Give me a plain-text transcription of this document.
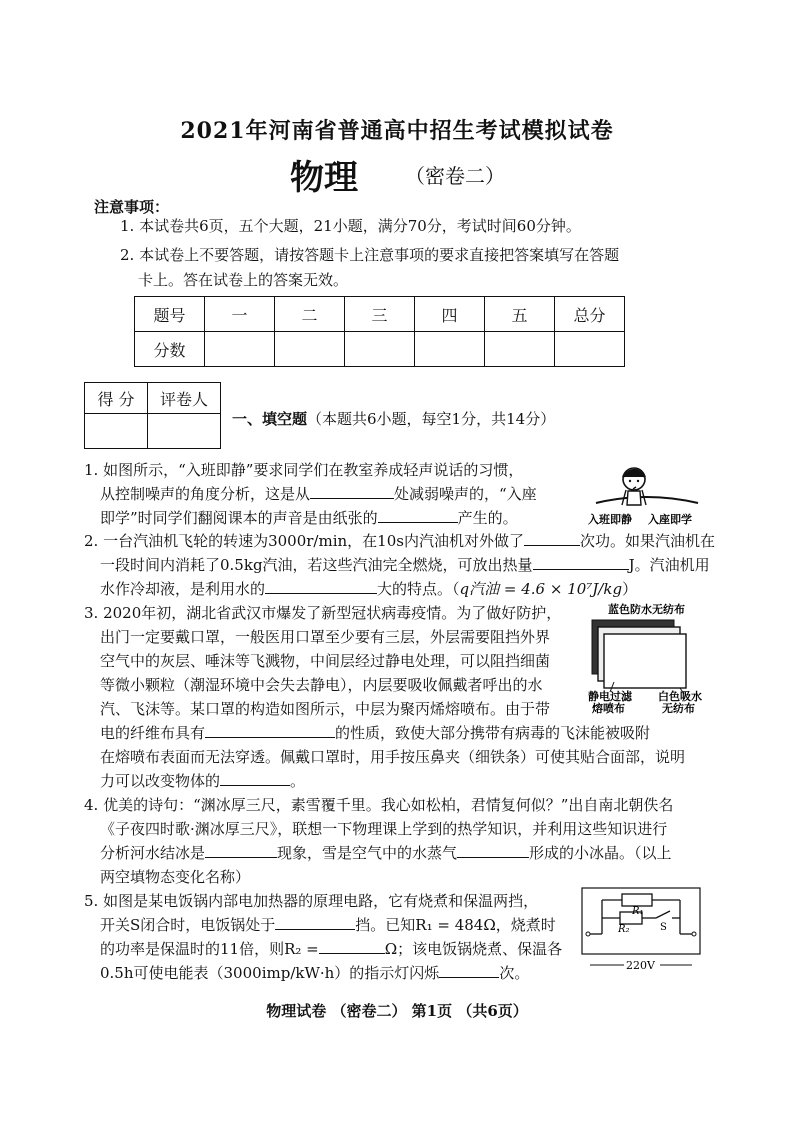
2021年河南省普通高中招生考试模拟试卷
物理 （密卷二）
注意事项：
1. 本试卷共6页，五个大题，21小题，满分70分，考试时间60分钟。
2. 本试卷上不要答题，请按答题卡上注意事项的要求直接把答案填写在答题
卡上。答在试卷上的答案无效。
题号	一	二	三	四	五	总分
分数						
得 分	评卷人

一、填空题（本题共6小题，每空1分，共14分）
1. 如图所示，“入班即静”要求同学们在教室养成轻声说话的习惯，
从控制噪声的角度分析，这是从	处减弱噪声的，“入座
即学”时同学们翻阅课本的声音是由纸张的	产生的。	入班即静 入座即学
2. 一台汽油机飞轮的转速为3000r/min，在10s内汽油机对外做了	次功。如果汽油机在
一段时间内消耗了0.5kg汽油，若这些汽油完全燃烧，可放出热量	J。汽油机用
水作冷却液，是利用水的	大的特点。（q汽油 = 4.6 × 10⁷J/kg）
3. 2020年初，湖北省武汉市爆发了新型冠状病毒疫情。为了做好防护，
出门一定要戴口罩，一般医用口罩至少要有三层，外层需要阻挡外界
空气中的灰层、唾沫等飞溅物，中间层经过静电处理，可以阻挡细菌
等微小颗粒（潮湿环境中会失去静电），内层要吸收佩戴者呼出的水
汽、飞沫等。某口罩的构造如图所示，中层为聚丙烯熔喷布。由于带
电的纤维布具有	的性质，致使大部分携带有病毒的飞沫能被吸附
在熔喷布表面而无法穿透。佩戴口罩时，用手按压鼻夹（细铁条）可使其贴合面部，说明
力可以改变物体的	。
蓝色防水无纺布
静电过滤
熔喷布
白色吸水
无纺布
4. 优美的诗句：“渊冰厚三尺，素雪覆千里。我心如松柏，君情复何似？”出自南北朝佚名
《子夜四时歌·渊冰厚三尺》，联想一下物理课上学到的热学知识，并利用这些知识进行
分析河水结冰是	现象，雪是空气中的水蒸气	形成的小冰晶。（以上
两空填物态变化名称）
5. 如图是某电饭锅内部电加热器的原理电路，它有烧煮和保温两挡，
开关S闭合时，电饭锅处于	挡。已知R₁ = 484Ω，烧煮时
的功率是保温时的11倍，则R₂ =	Ω；该电饭锅烧煮、保温各
0.5h可使电能表（3000imp/kW·h）的指示灯闪烁	次。
R₁
R₂	S
220V
物理试卷 （密卷二） 第1页 （共6页）
